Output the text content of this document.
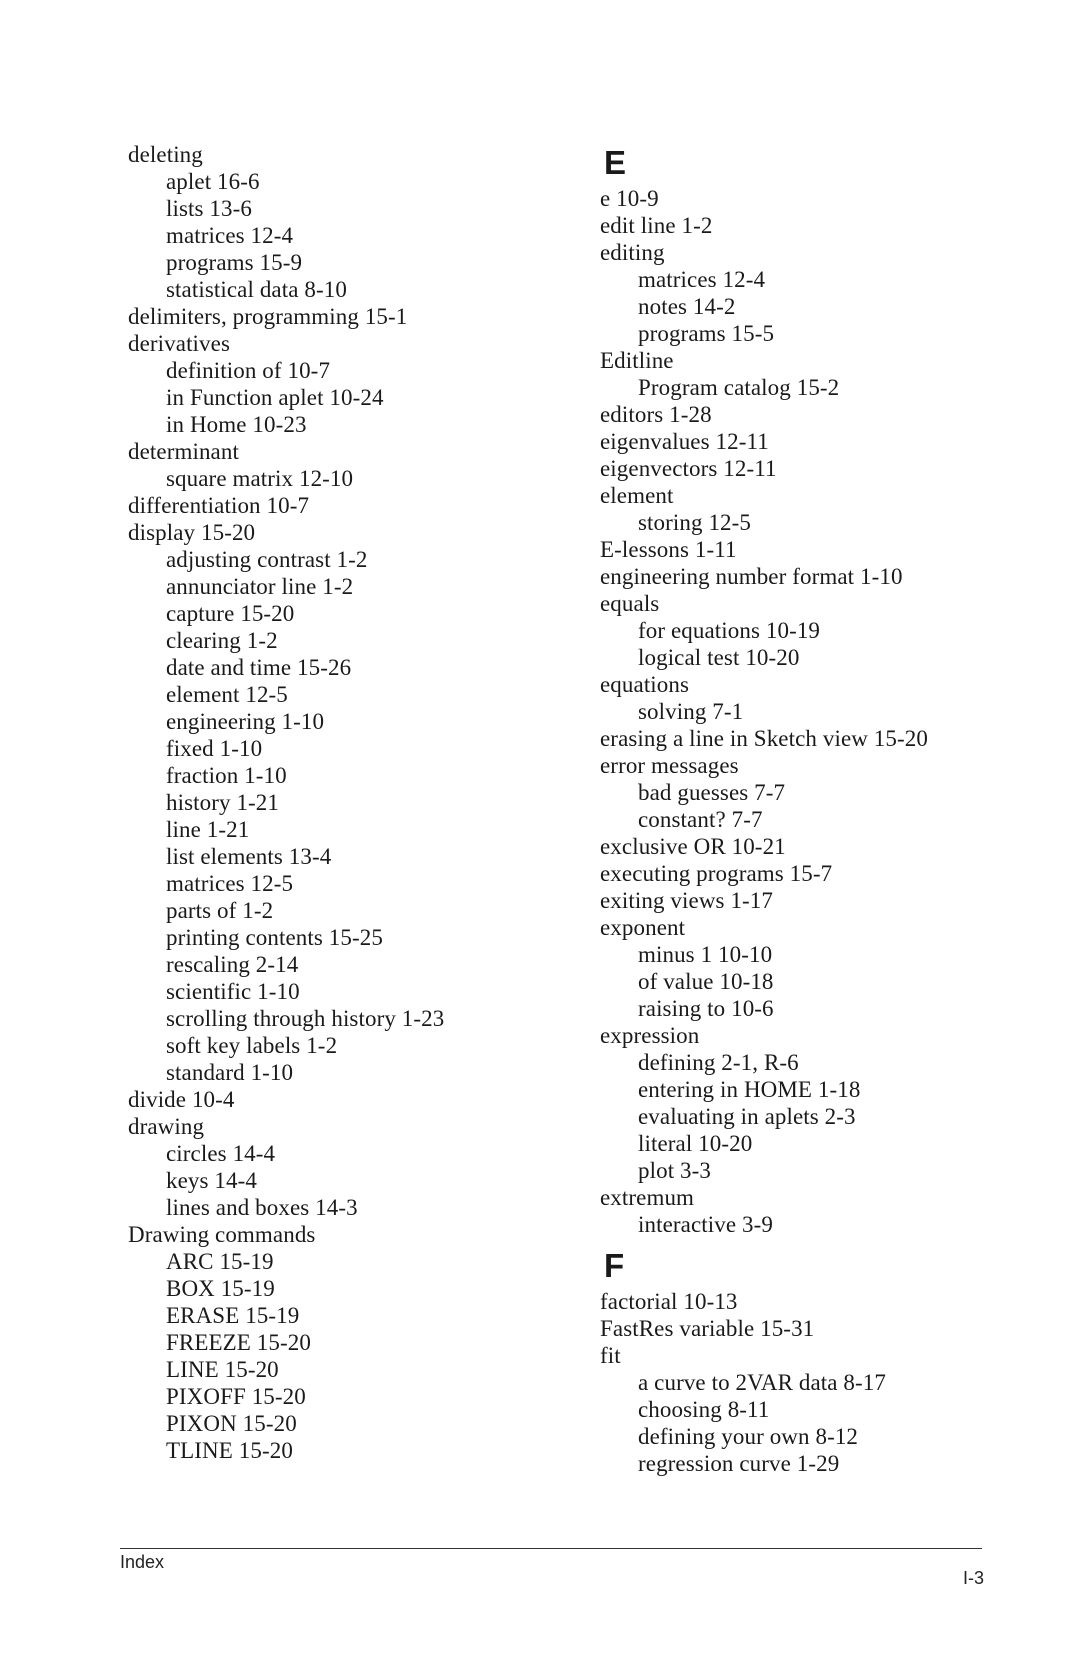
deleting
aplet 16-6
lists 13-6
matrices 12-4
programs 15-9
statistical data 8-10
delimiters, programming 15-1
derivatives
definition of 10-7
in Function aplet 10-24
in Home 10-23
determinant
square matrix 12-10
differentiation 10-7
display 15-20
adjusting contrast 1-2
annunciator line 1-2
capture 15-20
clearing 1-2
date and time 15-26
element 12-5
engineering 1-10
fixed 1-10
fraction 1-10
history 1-21
line 1-21
list elements 13-4
matrices 12-5
parts of 1-2
printing contents 15-25
rescaling 2-14
scientific 1-10
scrolling through history 1-23
soft key labels 1-2
standard 1-10
divide 10-4
drawing
circles 14-4
keys 14-4
lines and boxes 14-3
Drawing commands
ARC 15-19
BOX 15-19
ERASE 15-19
FREEZE 15-20
LINE 15-20
PIXOFF 15-20
PIXON 15-20
TLINE 15-20
E
e 10-9
edit line 1-2
editing
matrices 12-4
notes 14-2
programs 15-5
Editline
Program catalog 15-2
editors 1-28
eigenvalues 12-11
eigenvectors 12-11
element
storing 12-5
E-lessons 1-11
engineering number format 1-10
equals
for equations 10-19
logical test 10-20
equations
solving 7-1
erasing a line in Sketch view 15-20
error messages
bad guesses 7-7
constant? 7-7
exclusive OR 10-21
executing programs 15-7
exiting views 1-17
exponent
minus 1 10-10
of value 10-18
raising to 10-6
expression
defining 2-1, R-6
entering in HOME 1-18
evaluating in aplets 2-3
literal 10-20
plot 3-3
extremum
interactive 3-9
F
factorial 10-13
FastRes variable 15-31
fit
a curve to 2VAR data 8-17
choosing 8-11
defining your own 8-12
regression curve 1-29
Index
I-3
